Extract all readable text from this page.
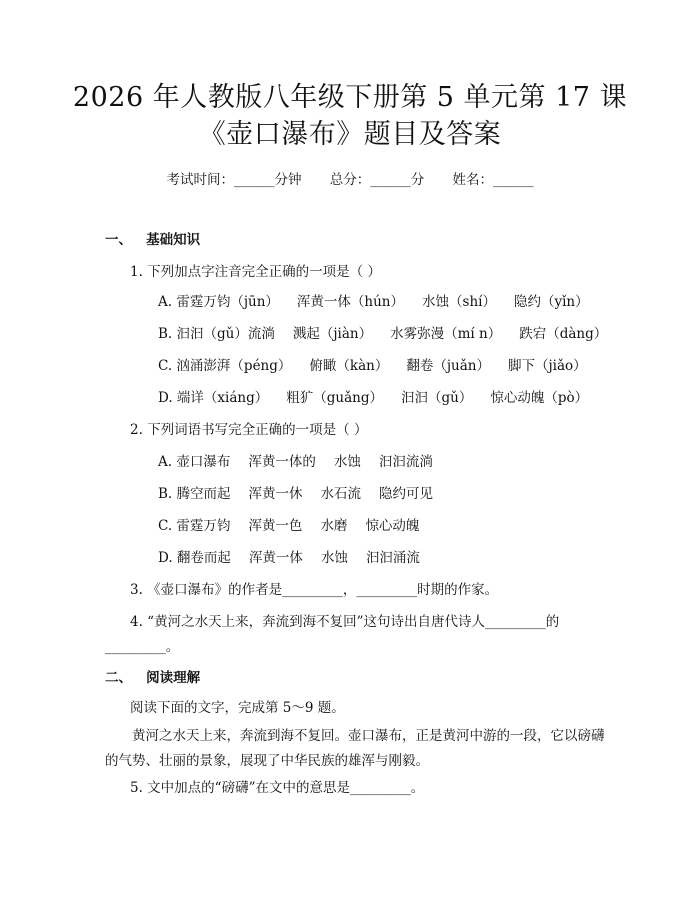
2026 年人教版八年级下册第 5 单元第 17 课
《壶口瀑布》题目及答案
考试时间：______分钟 总分：______分 姓名：______
一、 基础知识
1. 下列加点字注音完全正确的一项是（ ）
A. 雷霆万钧（jūn） 浑黄一体（hún） 水蚀（shí） 隐约（yǐn）
B. 汩汩（gǔ）流淌 溅起（jiàn） 水雾弥漫（mí n） 跌宕（dàng）
C. 汹涌澎湃（péng） 俯瞰（kàn） 翻卷（juǎn） 脚下（jiǎo）
D. 端详（xiáng） 粗犷（guǎng） 汩汩（gǔ） 惊心动魄（pò）
2. 下列词语书写完全正确的一项是（ ）
A. 壶口瀑布 浑黄一体的 水蚀 汩汩流淌
B. 腾空而起 浑黄一休 水石流 隐约可见
C. 雷霆万钧 浑黄一色 水磨 惊心动魄
D. 翻卷而起 浑黄一体 水蚀 汩汩涌流
3. 《壶口瀑布》的作者是_________，_________时期的作家。
4. “黄河之水天上来，奔流到海不复回”这句诗出自唐代诗人_________的
_________。
二、 阅读理解
阅读下面的文字，完成第 5～9 题。
黄河之水天上来，奔流到海不复回。壶口瀑布，正是黄河中游的一段，它以磅礴的气势、壮丽的景象，展现了中华民族的雄浑与刚毅。
5. 文中加点的“磅礴”在文中的意思是_________。
